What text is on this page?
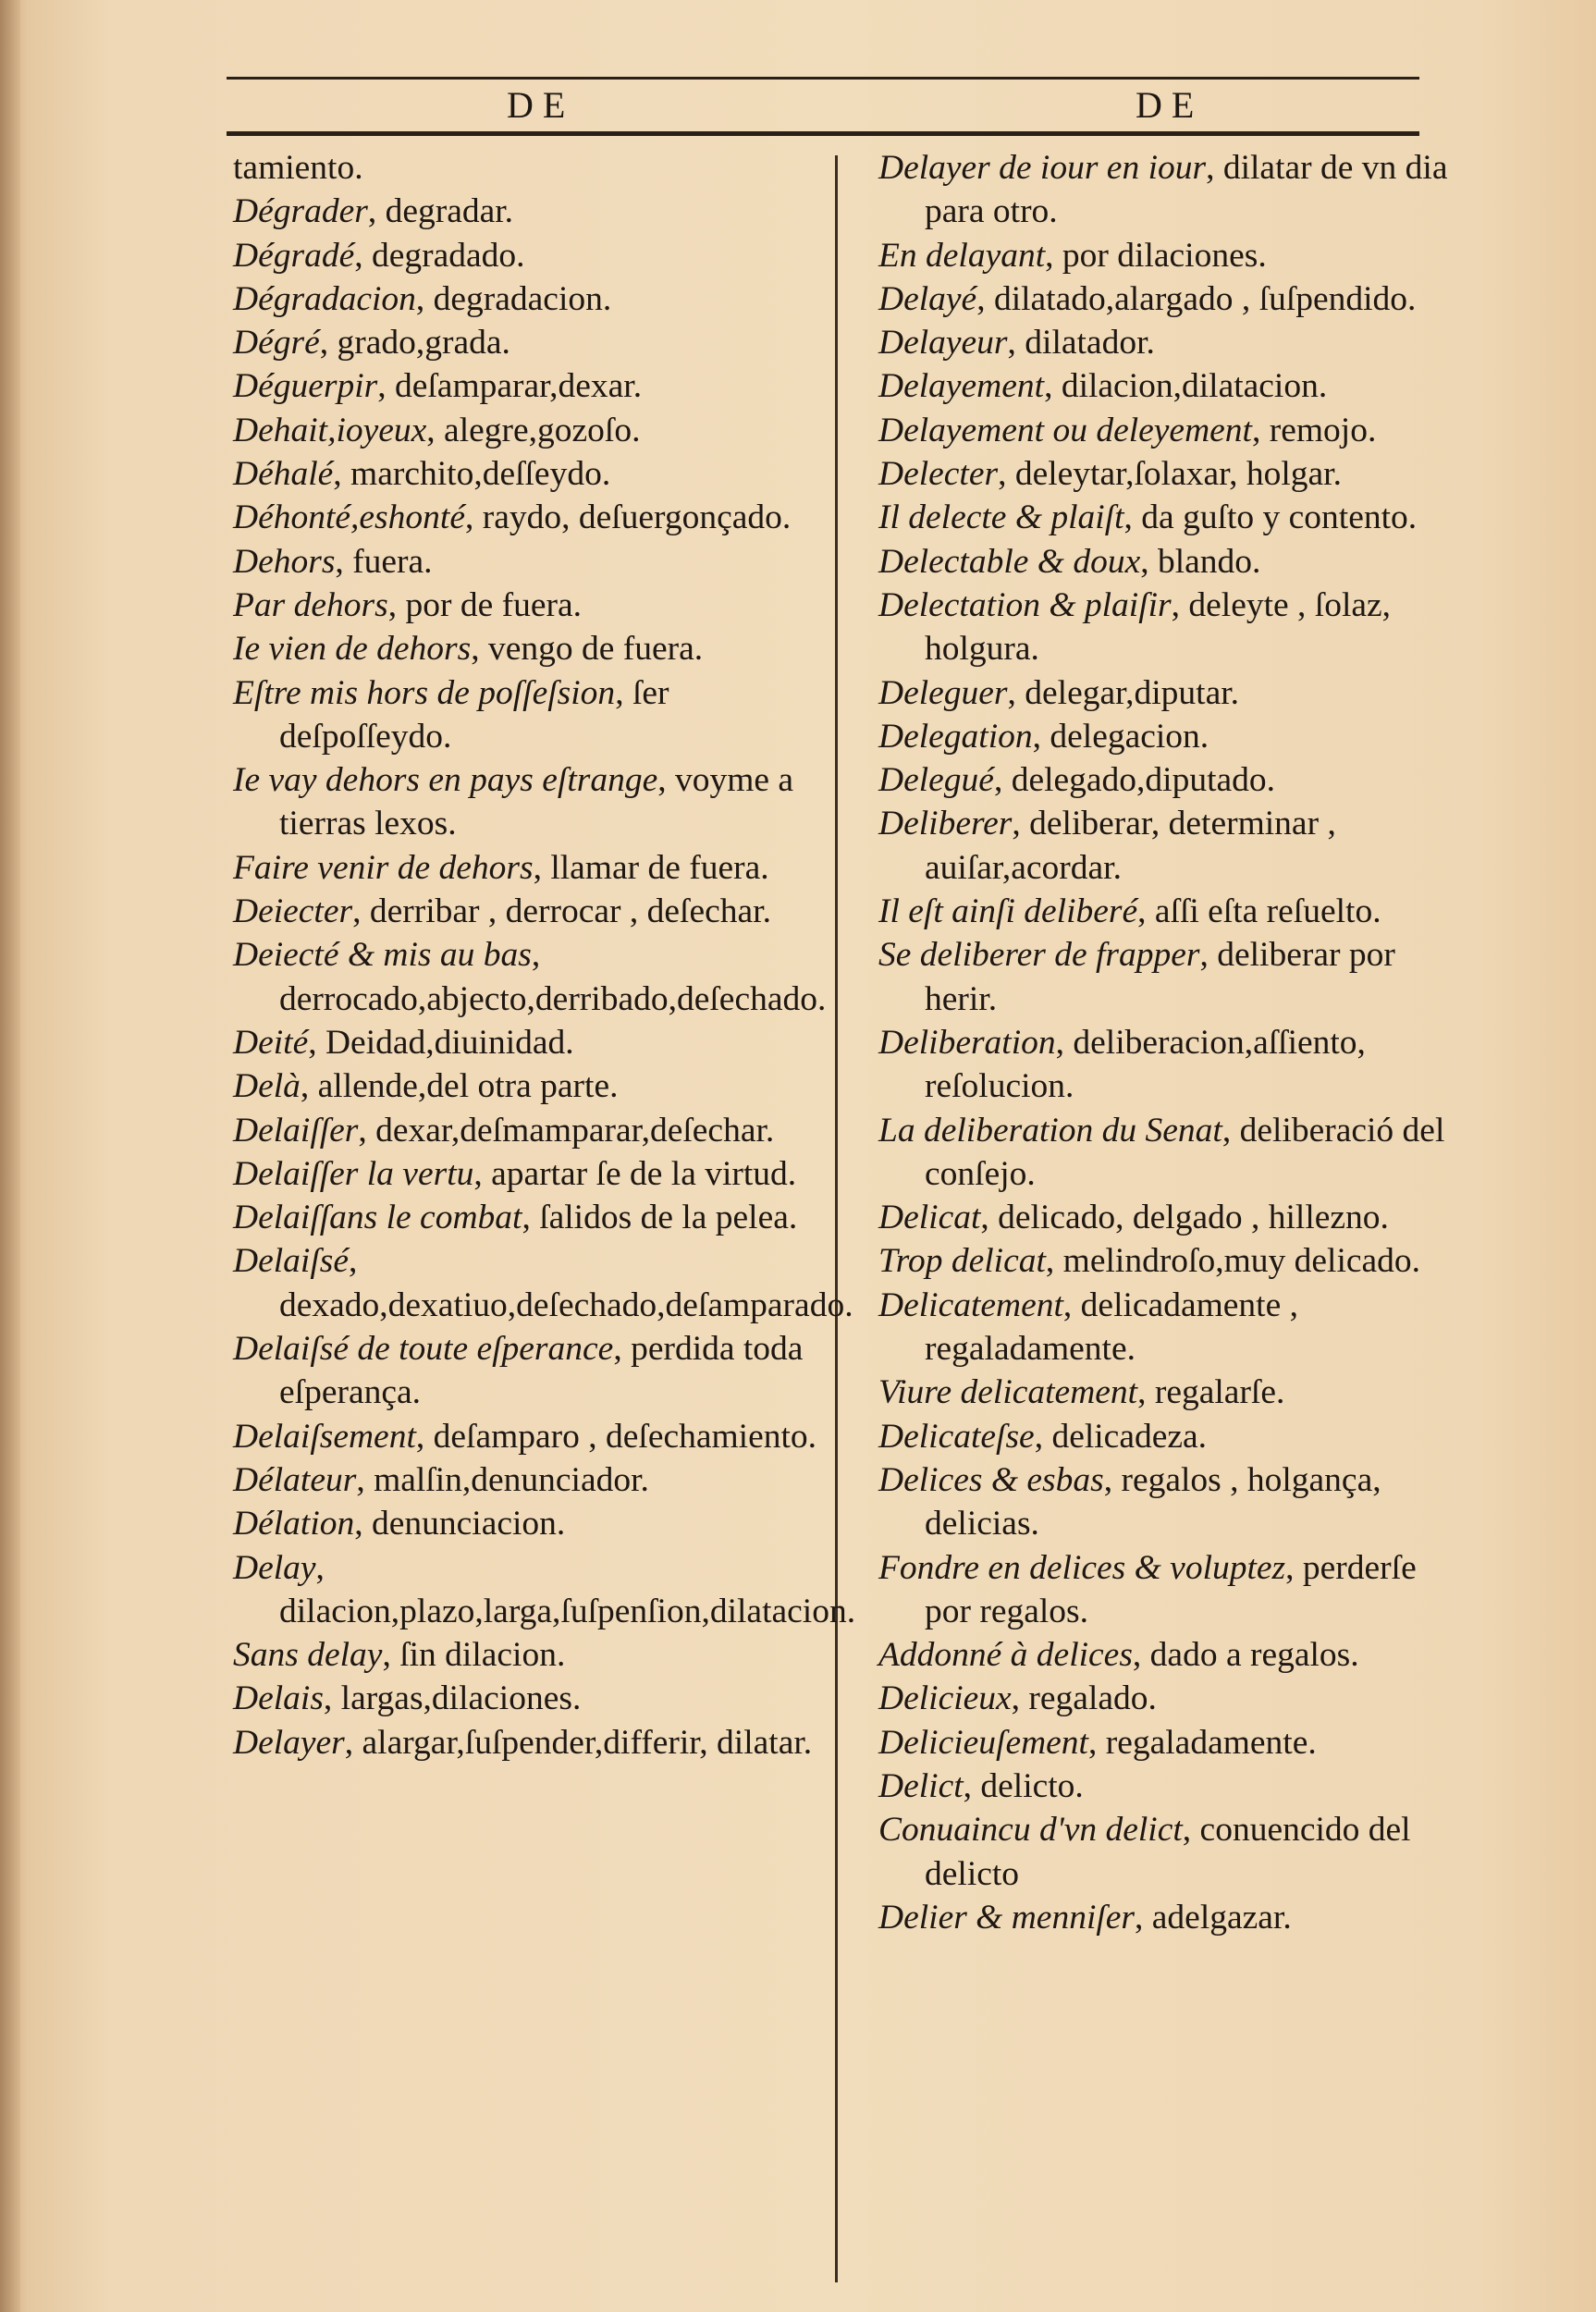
DE	DE

tamiento.

Dégrader, degradar.

Dégradé, degradado.

Dégradacion, degradacion.

Dégré, grado,grada.

Déguerpir, deſamparar,dexar.

Dehait,ioyeux, alegre,gozoſo.

Déhalé, marchito,deſſeydo.

Déhonté,eshonté, raydo, deſuergonçado.

Dehors, fuera.

Par dehors, por de fuera.

Ie vien de dehors, vengo de fuera.

Eſtre mis hors de poſſeſsion, ſer deſpoſſeydo.

Ie vay dehors en pays eſtrange, voyme a tierras lexos.

Faire venir de dehors, llamar de fuera.

Deiecter, derribar , derrocar , deſechar.

Deiecté & mis au bas, derrocado,abjecto,derribado,deſechado.

Deité, Deidad,diuinidad.

Delà, allende,del otra parte.

Delaiſſer, dexar,deſmamparar,deſechar.

Delaiſſer la vertu, apartar ſe de la virtud.

Delaiſſans le combat, ſalidos de la pelea.

Delaiſsé, dexado,dexatiuo,deſechado,deſamparado.

Delaiſsé de toute eſperance, perdida toda eſperança.

Delaiſsement, deſamparo , deſechamiento.

Délateur, malſin,denunciador.

Délation, denunciacion.

Delay, dilacion,plazo,larga,ſuſpenſion,dilatacion.

Sans delay, ſin dilacion.

Delais, largas,dilaciones.

Delayer, alargar,ſuſpender,differir, dilatar.

Delayer de iour en iour, dilatar de vn dia para otro.

En delayant, por dilaciones.

Delayé, dilatado,alargado , ſuſpendido.

Delayeur, dilatador.

Delayement, dilacion,dilatacion.

Delayement ou deleyement, remojo.

Delecter, deleytar,ſolaxar, holgar.

Il delecte & plaiſt, da guſto y contento.

Delectable & doux, blando.

Delectation & plaiſir, deleyte , ſolaz, holgura.

Deleguer, delegar,diputar.

Delegation, delegacion.

Delegué, delegado,diputado.

Deliberer, deliberar, determinar , auiſar,acordar.

Il eſt ainſi deliberé, aſſi eſta reſuelto.

Se deliberer de frapper, deliberar por herir.

Deliberation, deliberacion,aſſiento, reſolucion.

La deliberation du Senat, deliberació del conſejo.

Delicat, delicado, delgado , hillezno.

Trop delicat, melindroſo,muy delicado.

Delicatement, delicadamente , regaladamente.

Viure delicatement, regalarſe.

Delicateſse, delicadeza.

Delices & esbas, regalos , holgança, delicias.

Fondre en delices & voluptez, perderſe por regalos.

Addonné à delices, dado a regalos.

Delicieux, regalado.

Delicieuſement, regaladamente.

Delict, delicto.

Conuaincu d'vn delict, conuencido del delicto

Delier & menniſer, adelgazar.
